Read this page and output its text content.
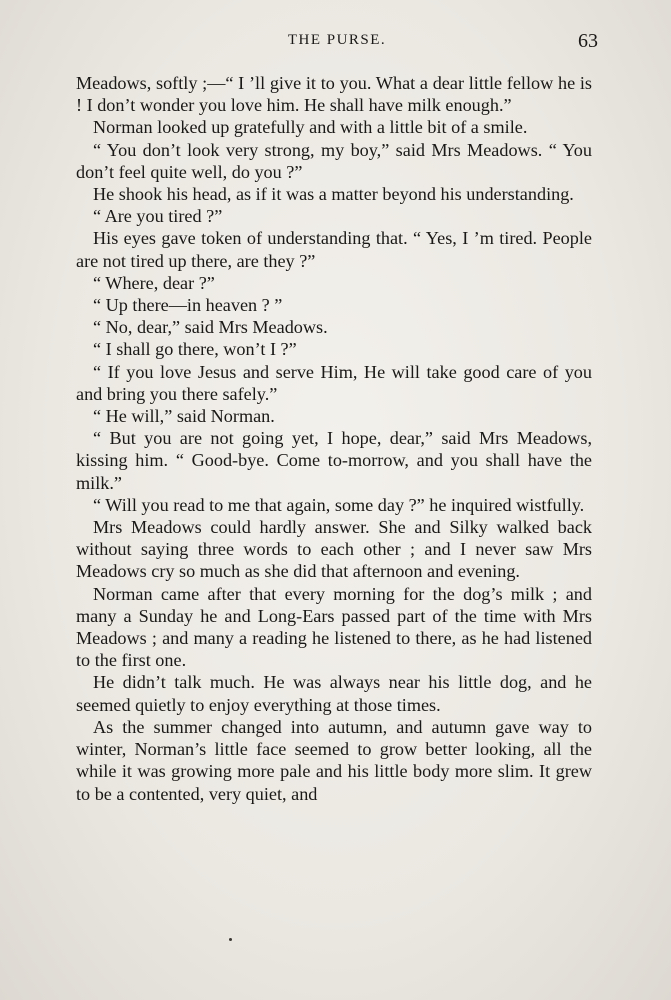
THE PURSE.	63

Meadows, softly ;—“ I ’ll give it to you. What a dear little fellow he is ! I don’t wonder you love him. He shall have milk enough.”

Norman looked up gratefully and with a little bit of a smile.

“ You don’t look very strong, my boy,” said Mrs Meadows. “ You don’t feel quite well, do you ?”

He shook his head, as if it was a matter beyond his understanding.

“ Are you tired ?”

His eyes gave token of understanding that. “ Yes, I ’m tired. People are not tired up there, are they ?”

“ Where, dear ?”

“ Up there—in heaven ? ”

“ No, dear,” said Mrs Meadows.

“ I shall go there, won’t I ?”

“ If you love Jesus and serve Him, He will take good care of you and bring you there safely.”

“ He will,” said Norman.

“ But you are not going yet, I hope, dear,” said Mrs Meadows, kissing him. “ Good-bye. Come to-morrow, and you shall have the milk.”

“ Will you read to me that again, some day ?” he inquired wistfully.

Mrs Meadows could hardly answer. She and Silky walked back without saying three words to each other ; and I never saw Mrs Meadows cry so much as she did that afternoon and evening.

Norman came after that every morning for the dog’s milk ; and many a Sunday he and Long-Ears passed part of the time with Mrs Meadows ; and many a reading he listened to there, as he had listened to the first one.

He didn’t talk much. He was always near his little dog, and he seemed quietly to enjoy everything at those times.

As the summer changed into autumn, and autumn gave way to winter, Norman’s little face seemed to grow better looking, all the while it was growing more pale and his little body more slim. It grew to be a contented, very quiet, and
